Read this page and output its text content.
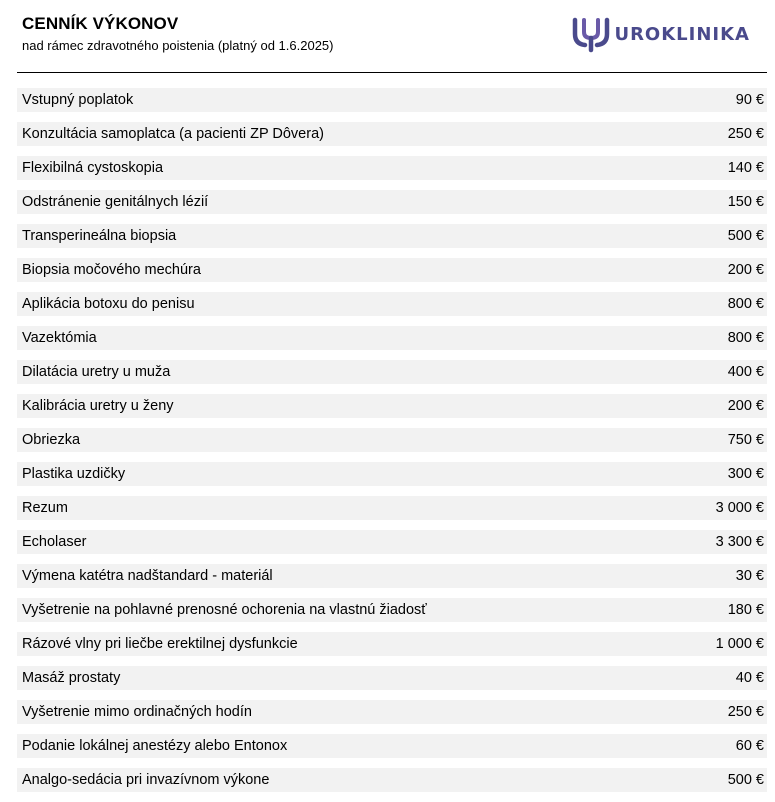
CENNÍK VÝKONOV
nad rámec zdravotného poistenia (platný od 1.6.2025)
UROKLINIKA
Vstupný poplatok	90 €
Konzultácia samoplatca (a pacienti ZP Dôvera)	250 €
Flexibilná cystoskopia	140 €
Odstránenie genitálnych lézií	150 €
Transperineálna biopsia	500 €
Biopsia močového mechúra	200 €
Aplikácia botoxu do penisu	800 €
Vazektómia	800 €
Dilatácia uretry u muža	400 €
Kalibrácia uretry u ženy	200 €
Obriezka	750 €
Plastika uzdičky	300 €
Rezum	3 000 €
Echolaser	3 300 €
Výmena katétra nadštandard - materiál	30 €
Vyšetrenie na pohlavné prenosné ochorenia na vlastnú žiadosť	180 €
Rázové vlny pri liečbe erektilnej dysfunkcie	1 000 €
Masáž prostaty	40 €
Vyšetrenie mimo ordinačných hodín	250 €
Podanie lokálnej anestézy alebo Entonox	60 €
Analgo-sedácia pri invazívnom výkone	500 €
